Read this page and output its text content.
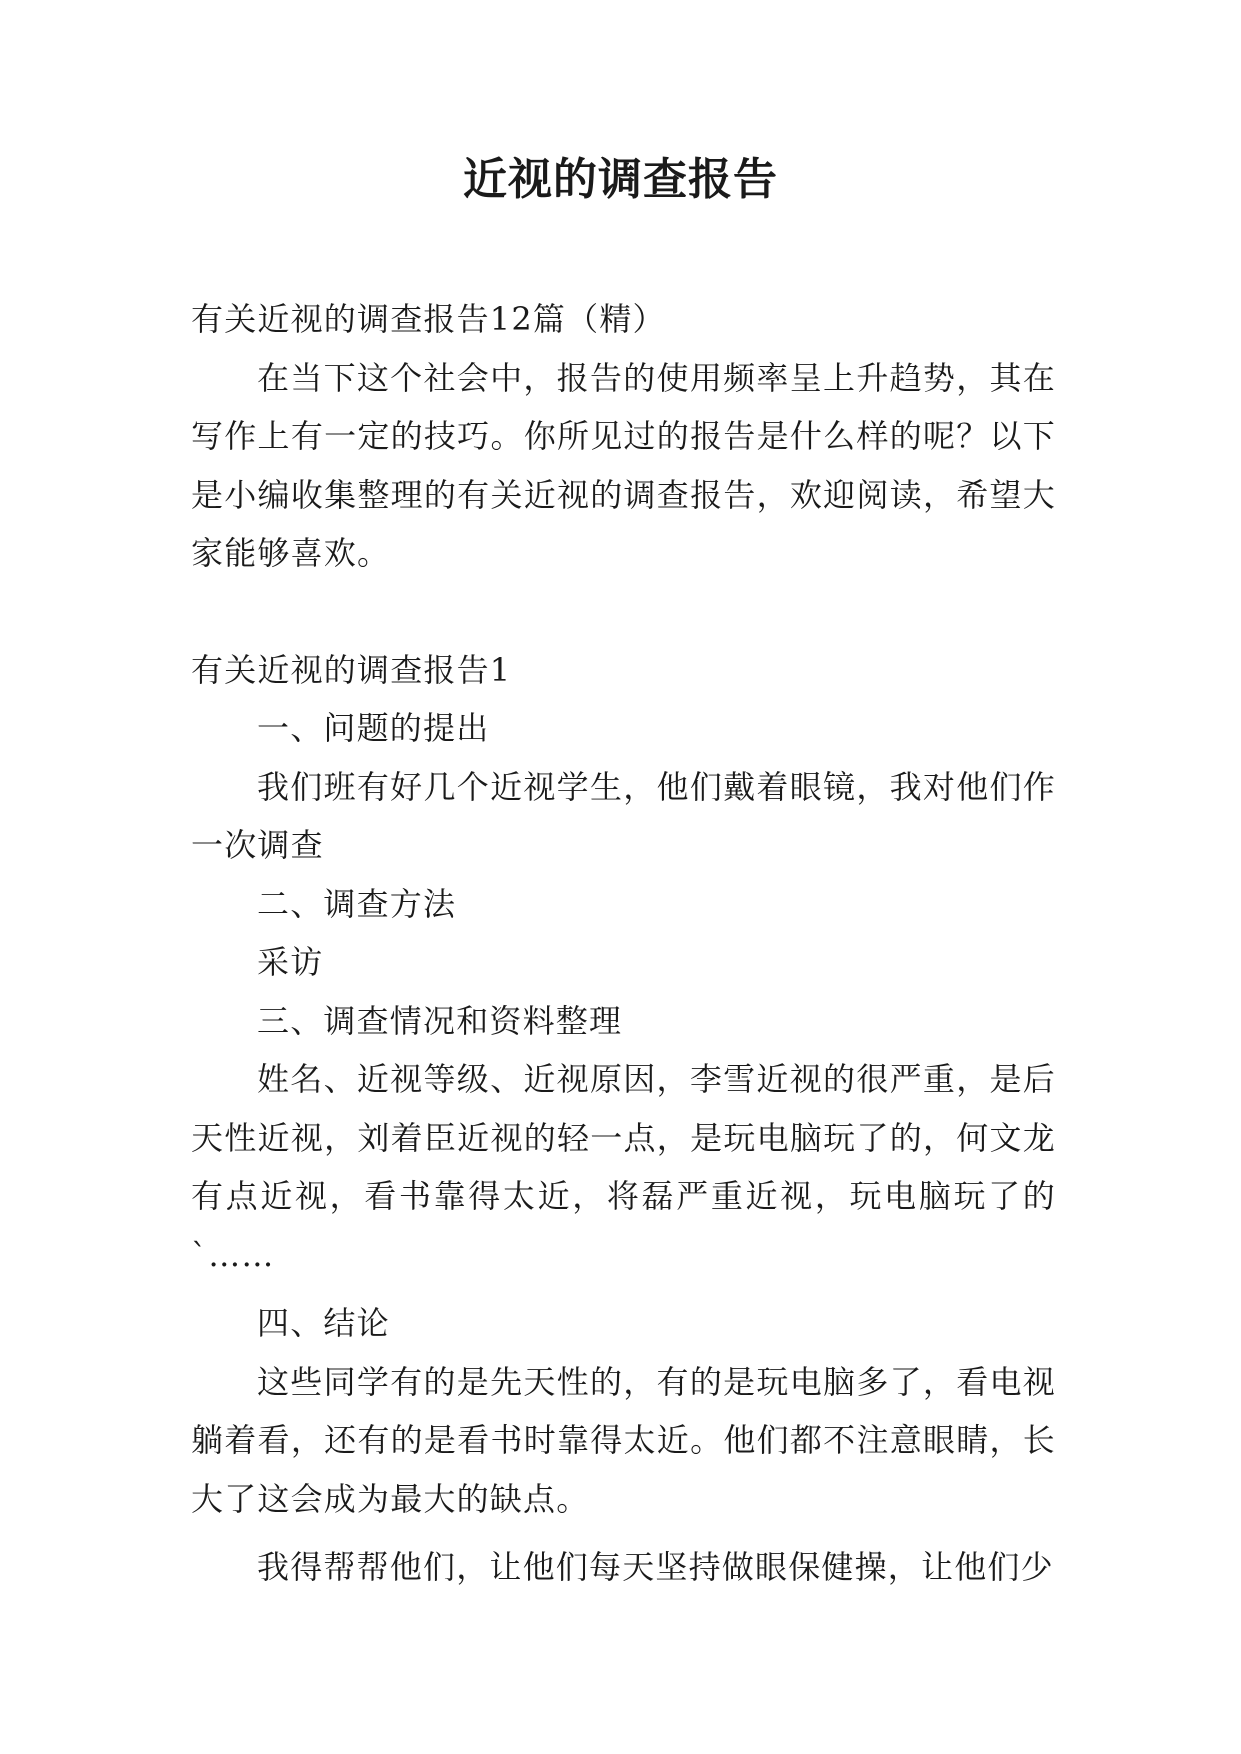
近视的调查报告

有关近视的调查报告12篇（精）

在当下这个社会中，报告的使用频率呈上升趋势，其在写作上有一定的技巧。你所见过的报告是什么样的呢？以下是小编收集整理的有关近视的调查报告，欢迎阅读，希望大家能够喜欢。

有关近视的调查报告1

一、问题的提出

我们班有好几个近视学生，他们戴着眼镜，我对他们作一次调查

二、调查方法

采访

三、调查情况和资料整理

姓名、近视等级、近视原因，李雪近视的很严重，是后天性近视，刘着臣近视的轻一点，是玩电脑玩了的，何文龙有点近视，看书靠得太近，将磊严重近视，玩电脑玩了的`……

四、结论

这些同学有的是先天性的，有的是玩电脑多了，看电视躺着看，还有的是看书时靠得太近。他们都不注意眼睛，长大了这会成为最大的缺点。

我得帮帮他们，让他们每天坚持做眼保健操，让他们少
